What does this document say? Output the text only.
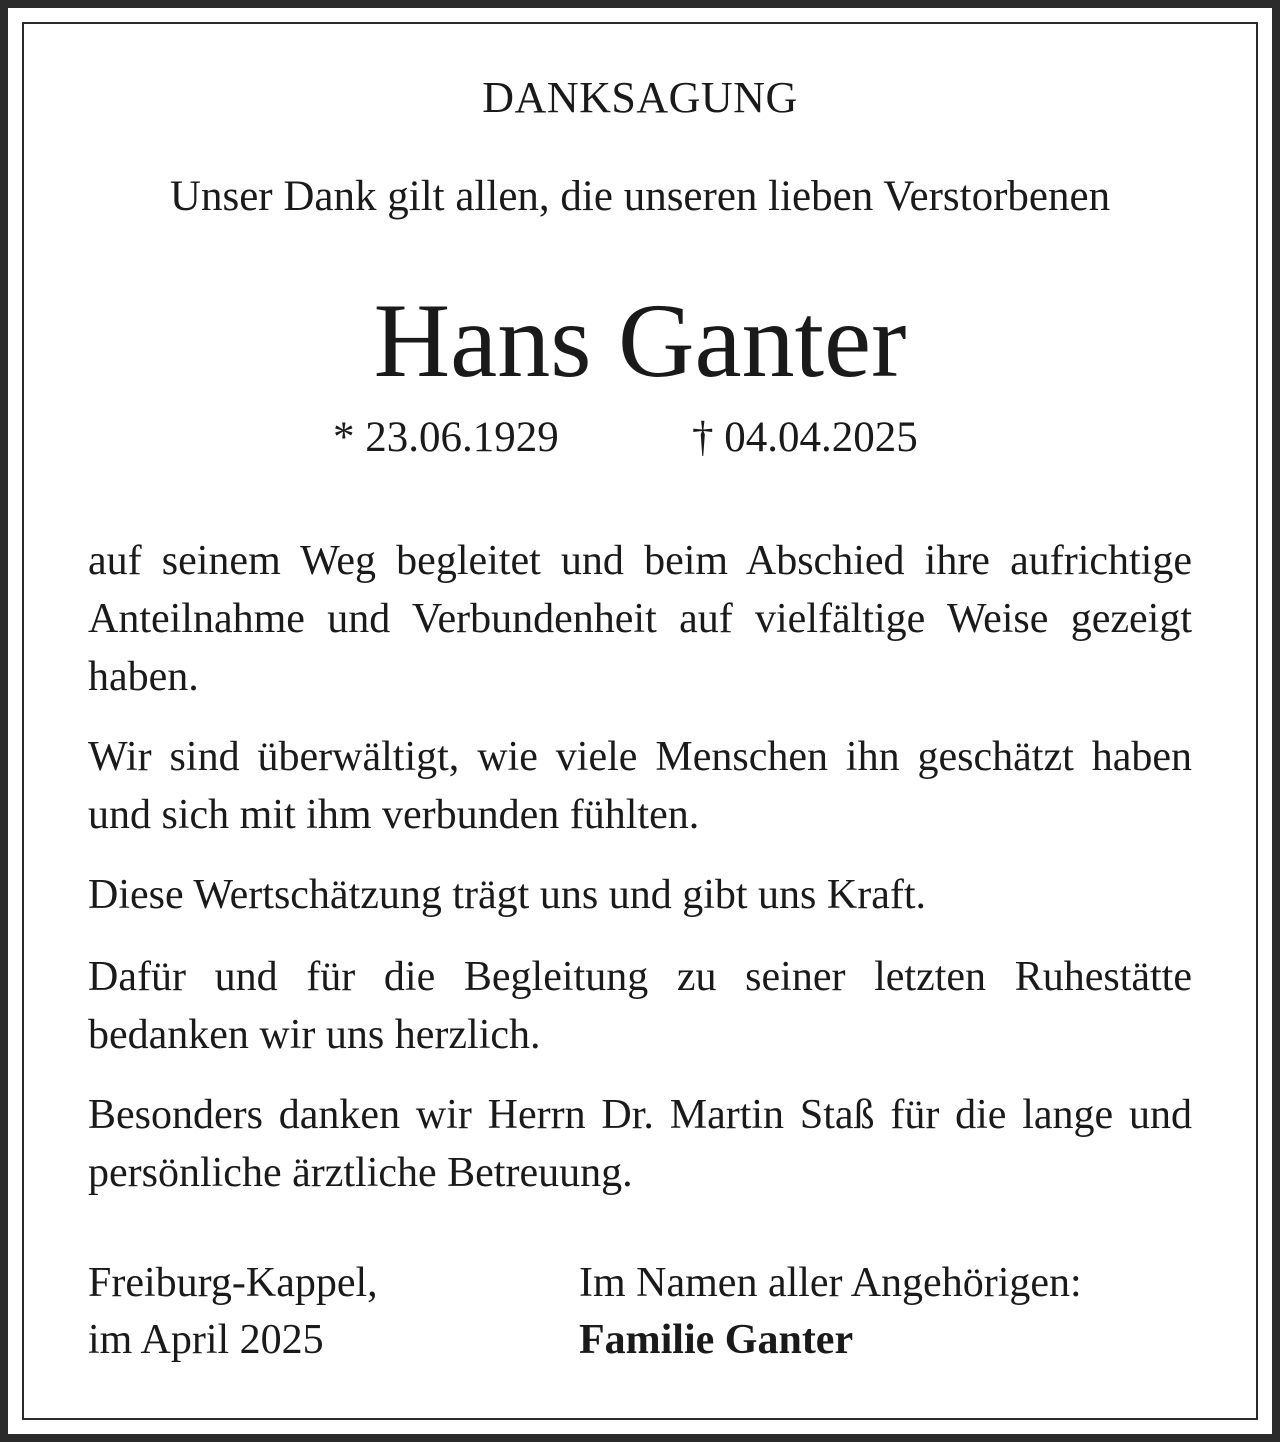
DANKSAGUNG
Unser Dank gilt allen, die unseren lieben Verstorbenen
Hans Ganter
* 23.06.1929	† 04.04.2025

auf seinem Weg begleitet und beim Abschied ihre aufrichtige Anteilnahme und Verbundenheit auf vielfältige Weise gezeigt haben.

Wir sind überwältigt, wie viele Menschen ihn geschätzt haben und sich mit ihm verbunden fühlten.

Diese Wertschätzung trägt uns und gibt uns Kraft.

Dafür und für die Begleitung zu seiner letzten Ruhestätte bedanken wir uns herzlich.

Besonders danken wir Herrn Dr. Martin Staß für die lange und persönliche ärztliche Betreuung.

Freiburg-Kappel,
im April 2025
Im Namen aller Angehörigen:
Familie Ganter
